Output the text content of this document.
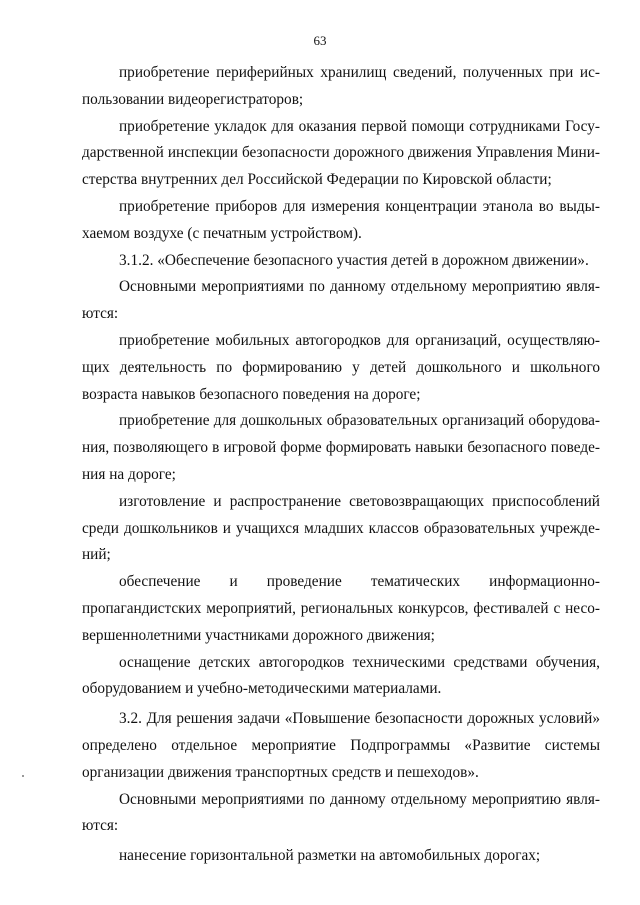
63

приобретение периферийных хранилищ сведений, полученных при использовании видеорегистраторов;

приобретение укладок для оказания первой помощи сотрудниками Государственной инспекции безопасности дорожного движения Управления Министерства внутренних дел Российской Федерации по Кировской области;

приобретение приборов для измерения концентрации этанола во выдыхаемом воздухе (с печатным устройством).

3.1.2. «Обеспечение безопасного участия детей в дорожном движении».

Основными мероприятиями по данному отдельному мероприятию являются:

приобретение мобильных автогородков для организаций, осуществляющих деятельность по формированию у детей дошкольного и школьного возраста навыков безопасного поведения на дороге;

приобретение для дошкольных образовательных организаций оборудования, позволяющего в игровой форме формировать навыки безопасного поведения на дороге;

изготовление и распространение световозвращающих приспособлений среди дошкольников и учащихся младших классов образовательных учреждений;

обеспечение и проведение тематических информационно-пропагандистских мероприятий, региональных конкурсов, фестивалей с несовершеннолетними участниками дорожного движения;

оснащение детских автогородков техническими средствами обучения, оборудованием и учебно-методическими материалами.

3.2. Для решения задачи «Повышение безопасности дорожных условий» определено отдельное мероприятие Подпрограммы «Развитие системы организации движения транспортных средств и пешеходов».

Основными мероприятиями по данному отдельному мероприятию являются:

нанесение горизонтальной разметки на автомобильных дорогах;
